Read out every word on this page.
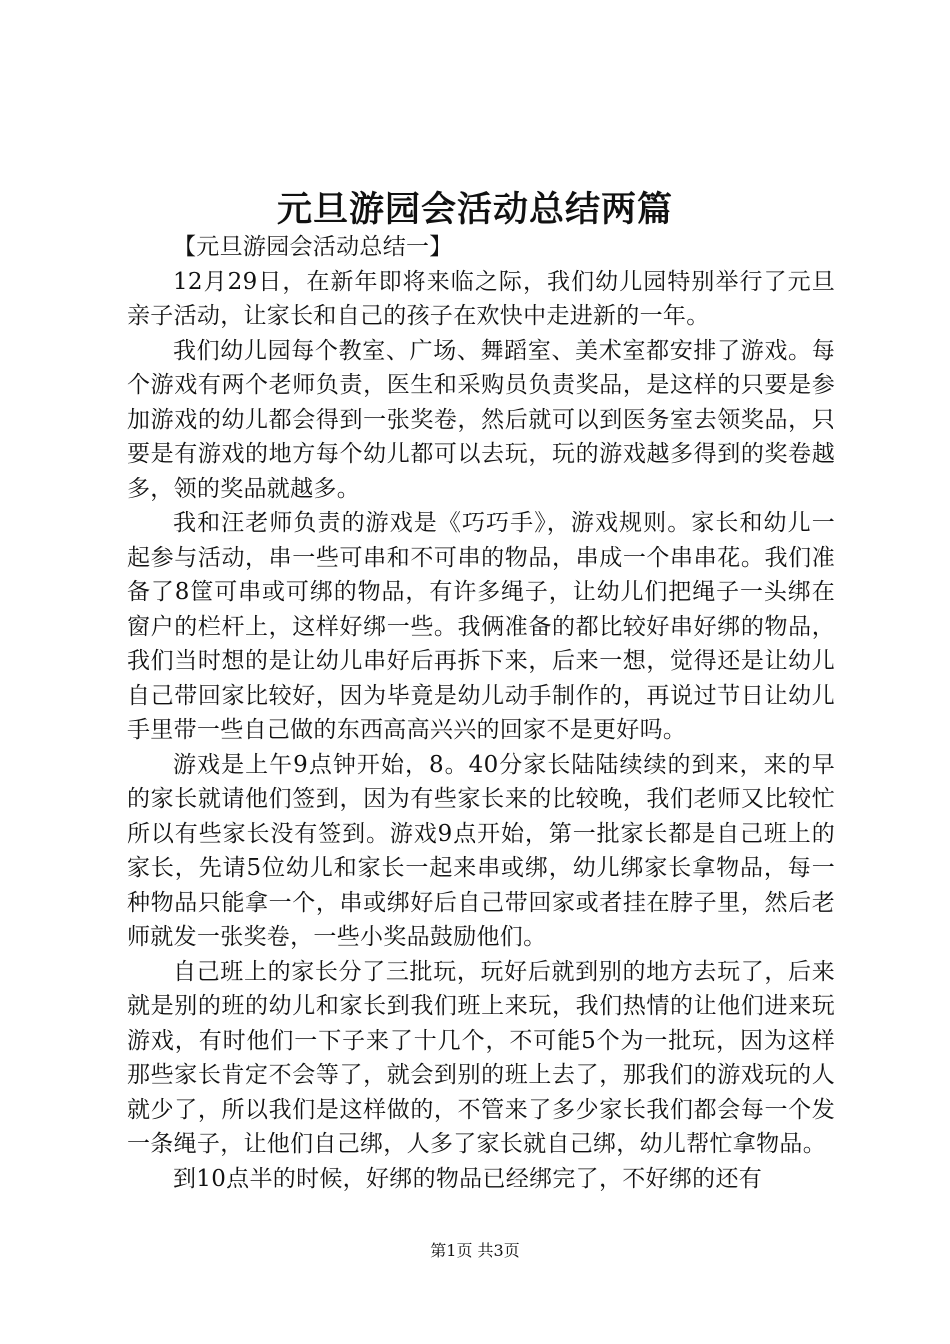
元旦游园会活动总结两篇

【元旦游园会活动总结一】

12月29日，在新年即将来临之际，我们幼儿园特别举行了元旦亲子活动，让家长和自己的孩子在欢快中走进新的一年。

我们幼儿园每个教室、广场、舞蹈室、美术室都安排了游戏。每个游戏有两个老师负责，医生和采购员负责奖品，是这样的只要是参加游戏的幼儿都会得到一张奖卷，然后就可以到医务室去领奖品，只要是有游戏的地方每个幼儿都可以去玩，玩的游戏越多得到的奖卷越多，领的奖品就越多。

我和汪老师负责的游戏是《巧巧手》，游戏规则。家长和幼儿一起参与活动，串一些可串和不可串的物品，串成一个串串花。我们准备了8筐可串或可绑的物品，有许多绳子，让幼儿们把绳子一头绑在窗户的栏杆上，这样好绑一些。我俩准备的都比较好串好绑的物品，我们当时想的是让幼儿串好后再拆下来，后来一想，觉得还是让幼儿自己带回家比较好，因为毕竟是幼儿动手制作的，再说过节日让幼儿手里带一些自己做的东西高高兴兴的回家不是更好吗。

游戏是上午9点钟开始，8。40分家长陆陆续续的到来，来的早的家长就请他们签到，因为有些家长来的比较晚，我们老师又比较忙所以有些家长没有签到。游戏9点开始，第一批家长都是自己班上的家长，先请5位幼儿和家长一起来串或绑，幼儿绑家长拿物品，每一种物品只能拿一个，串或绑好后自己带回家或者挂在脖子里，然后老师就发一张奖卷，一些小奖品鼓励他们。

自己班上的家长分了三批玩，玩好后就到别的地方去玩了，后来就是别的班的幼儿和家长到我们班上来玩，我们热情的让他们进来玩游戏，有时他们一下子来了十几个，不可能5个为一批玩，因为这样那些家长肯定不会等了，就会到别的班上去了，那我们的游戏玩的人就少了，所以我们是这样做的，不管来了多少家长我们都会每一个发一条绳子，让他们自己绑，人多了家长就自己绑，幼儿帮忙拿物品。

到10点半的时候，好绑的物品已经绑完了，不好绑的还有

第1页 共3页
